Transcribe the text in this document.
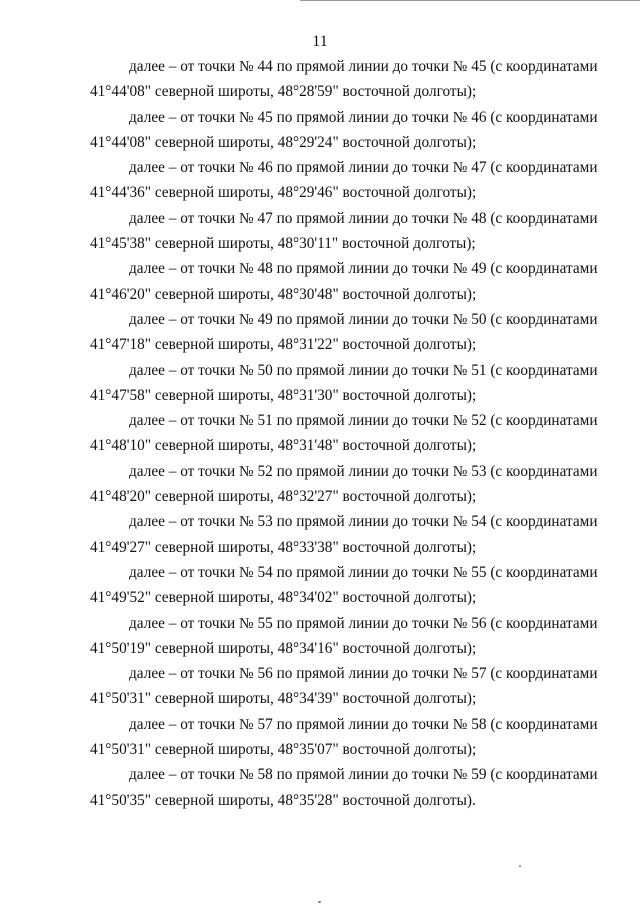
11
далее – от точки № 44 по прямой линии до точки № 45 (с координатами
41°44'08" северной широты, 48°28'59" восточной долготы);
далее – от точки № 45 по прямой линии до точки № 46 (с координатами
41°44'08" северной широты, 48°29'24" восточной долготы);
далее – от точки № 46 по прямой линии до точки № 47 (с координатами
41°44'36" северной широты, 48°29'46" восточной долготы);
далее – от точки № 47 по прямой линии до точки № 48 (с координатами
41°45'38" северной широты, 48°30'11" восточной долготы);
далее – от точки № 48 по прямой линии до точки № 49 (с координатами
41°46'20" северной широты, 48°30'48" восточной долготы);
далее – от точки № 49 по прямой линии до точки № 50 (с координатами
41°47'18" северной широты, 48°31'22" восточной долготы);
далее – от точки № 50 по прямой линии до точки № 51 (с координатами
41°47'58" северной широты, 48°31'30" восточной долготы);
далее – от точки № 51 по прямой линии до точки № 52 (с координатами
41°48'10" северной широты, 48°31'48" восточной долготы);
далее – от точки № 52 по прямой линии до точки № 53 (с координатами
41°48'20" северной широты, 48°32'27" восточной долготы);
далее – от точки № 53 по прямой линии до точки № 54 (с координатами
41°49'27" северной широты, 48°33'38" восточной долготы);
далее – от точки № 54 по прямой линии до точки № 55 (с координатами
41°49'52" северной широты, 48°34'02" восточной долготы);
далее – от точки № 55 по прямой линии до точки № 56 (с координатами
41°50'19" северной широты, 48°34'16" восточной долготы);
далее – от точки № 56 по прямой линии до точки № 57 (с координатами
41°50'31" северной широты, 48°34'39" восточной долготы);
далее – от точки № 57 по прямой линии до точки № 58 (с координатами
41°50'31" северной широты, 48°35'07" восточной долготы);
далее – от точки № 58 по прямой линии до точки № 59 (с координатами
41°50'35" северной широты, 48°35'28" восточной долготы).
